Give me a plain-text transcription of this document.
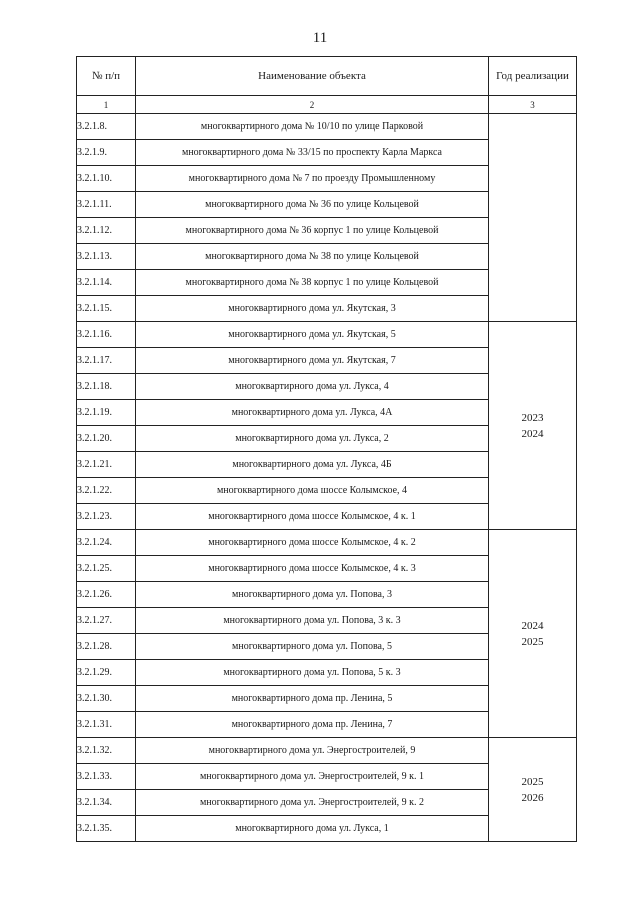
11
№ п/п	Наименование объекта	Год реализации
1	2	3
3.2.1.8.	многоквартирного дома № 10/10 по улице Парковой	
3.2.1.9.	многоквартирного дома № 33/15 по проспекту Карла Маркса	
3.2.1.10.	многоквартирного дома № 7 по проезду Промышленному	
3.2.1.11.	многоквартирного дома № 36 по улице Кольцевой	
3.2.1.12.	многоквартирного дома № 36 корпус 1 по улице Кольцевой	
3.2.1.13.	многоквартирного дома № 38 по улице Кольцевой	
3.2.1.14.	многоквартирного дома № 38 корпус 1 по улице Кольцевой	
3.2.1.15.	многоквартирного дома ул. Якутская, 3	
3.2.1.16.	многоквартирного дома ул. Якутская, 5	2023
2024

3.2.1.17.	многоквартирного дома ул. Якутская, 7	
3.2.1.18.	многоквартирного дома ул. Лукса, 4	
3.2.1.19.	многоквартирного дома ул. Лукса, 4А	
3.2.1.20.	многоквартирного дома ул. Лукса, 2	
3.2.1.21.	многоквартирного дома ул. Лукса, 4Б	
3.2.1.22.	многоквартирного дома шоссе Колымское, 4	
3.2.1.23.	многоквартирного дома шоссе Колымское, 4 к. 1	
3.2.1.24.	многоквартирного дома шоссе Колымское, 4 к. 2	2024
2025

3.2.1.25.	многоквартирного дома шоссе Колымское, 4 к. 3	
3.2.1.26.	многоквартирного дома ул. Попова, 3	
3.2.1.27.	многоквартирного дома ул. Попова, 3 к. 3	
3.2.1.28.	многоквартирного дома ул. Попова, 5	
3.2.1.29.	многоквартирного дома ул. Попова, 5 к. 3	
3.2.1.30.	многоквартирного дома пр. Ленина, 5	
3.2.1.31.	многоквартирного дома пр. Ленина, 7	
3.2.1.32.	многоквартирного дома ул. Энергостроителей, 9	2025
2026

3.2.1.33.	многоквартирного дома ул. Энергостроителей, 9 к. 1	
3.2.1.34.	многоквартирного дома ул. Энергостроителей, 9 к. 2	
3.2.1.35.	многоквартирного дома ул. Лукса, 1	
